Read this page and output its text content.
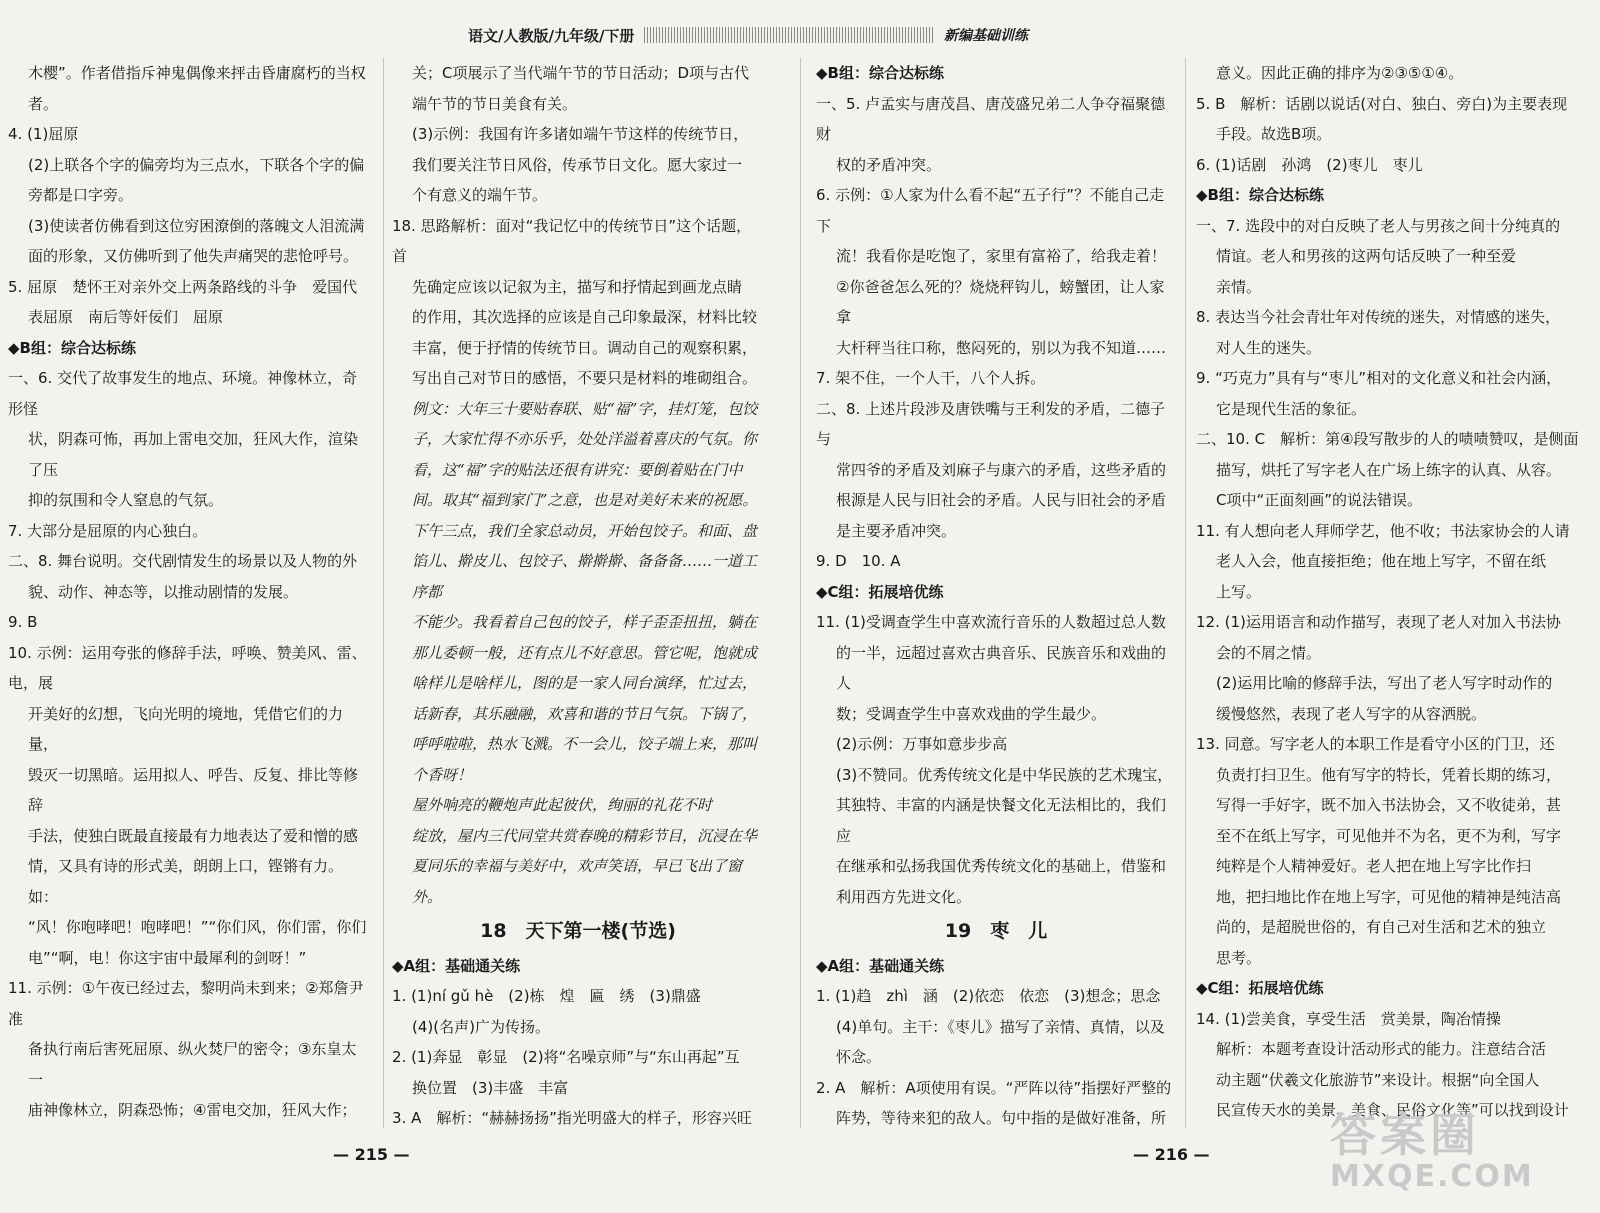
语文/人教版/九年级/下册	新编基础训练

木樱”。作者借指斥神鬼偶像来抨击昏庸腐朽的当权者。

4. (1)屈原

(2)上联各个字的偏旁均为三点水，下联各个字的偏

旁都是口字旁。

(3)使读者仿佛看到这位穷困潦倒的落魄文人泪流满

面的形象，又仿佛听到了他失声痛哭的悲怆呼号。

5. 屈原　楚怀王对亲外交上两条路线的斗争　爱国代

表屈原　南后等奸佞们　屈原

◆B组：综合达标练

一、6. 交代了故事发生的地点、环境。神像林立，奇形怪

状，阴森可怖，再加上雷电交加，狂风大作，渲染了压

抑的氛围和令人窒息的气氛。

7. 大部分是屈原的内心独白。

二、8. 舞台说明。交代剧情发生的场景以及人物的外

貌、动作、神态等，以推动剧情的发展。

9. B

10. 示例：运用夸张的修辞手法，呼唤、赞美风、雷、电，展

开美好的幻想，飞向光明的境地，凭借它们的力量，

毁灭一切黑暗。运用拟人、呼告、反复、排比等修辞

手法，使独白既最直接最有力地表达了爱和憎的感

情，又具有诗的形式美，朗朗上口，铿锵有力。如：

“风！你咆哮吧！咆哮吧！”“你们风，你们雷，你们

电”“啊，电！你这宇宙中最犀利的剑呀！”

11. 示例：①午夜已经过去，黎明尚未到来；②郑詹尹准

备执行南后害死屈原、纵火焚尸的密令；③东皇太一

庙神像林立，阴森恐怖；④雷电交加，狂风大作；

关；C项展示了当代端午节的节日活动；D项与古代

端午节的节日美食有关。

(3)示例：我国有许多诸如端午节这样的传统节日，

我们要关注节日风俗，传承节日文化。愿大家过一

个有意义的端午节。

18. 思路解析：面对“我记忆中的传统节日”这个话题，首

先确定应该以记叙为主，描写和抒情起到画龙点睛

的作用，其次选择的应该是自己印象最深，材料比较

丰富，便于抒情的传统节日。调动自己的观察积累，

写出自己对节日的感悟，不要只是材料的堆砌组合。

例文：大年三十要贴春联、贴“福”字，挂灯笼，包饺

子，大家忙得不亦乐乎，处处洋溢着喜庆的气氛。你

看，这“福”字的贴法还很有讲究：要倒着贴在门中

间。取其“福到家门”之意，也是对美好未来的祝愿。

下午三点，我们全家总动员，开始包饺子。和面、盘

馅儿、擀皮儿、包饺子、擀擀擀、备备备……一道工序都

不能少。我看着自己包的饺子，样子歪歪扭扭，躺在

那儿委顿一般，还有点儿不好意思。管它呢，饱就成

啥样儿是啥样儿，图的是一家人同台演绎，忙过去，

话新春，其乐融融，欢喜和谐的节日气氛。下锅了，

呼呼啦啦，热水飞溅。不一会儿，饺子端上来，那叫

个香呀！

屋外响亮的鞭炮声此起彼伏，绚丽的礼花不时

绽放，屋内三代同堂共赏春晚的精彩节目，沉浸在华

夏同乐的幸福与美好中，欢声笑语，早已飞出了窗外。

18　天下第一楼(节选)

◆A组：基础通关练

1. (1)ní gǔ hè　(2)栋　煌　匾　绣　(3)鼎盛

(4)(名声)广为传扬。

2. (1)奔显　彰显　(2)将“名噪京师”与“东山再起”互

换位置　(3)丰盛　丰富

3. A　解析：“赫赫扬扬”指光明盛大的样子，形容兴旺

◆B组：综合达标练

一、5. 卢孟实与唐茂昌、唐茂盛兄弟二人争夺福聚德财

权的矛盾冲突。

6. 示例：①人家为什么看不起“五子行”？不能自己走下

流！我看你是吃饱了，家里有富裕了，给我走着！

②你爸爸怎么死的？烧烧秤钩儿，螃蟹团，让人家拿

大杆秤当往口称，憋闷死的，别以为我不知道……

7. 架不住，一个人干，八个人拆。

二、8. 上述片段涉及唐铁嘴与王利发的矛盾，二德子与

常四爷的矛盾及刘麻子与康六的矛盾，这些矛盾的

根源是人民与旧社会的矛盾。人民与旧社会的矛盾

是主要矛盾冲突。

9. D　10. A

◆C组：拓展培优练

11. (1)受调查学生中喜欢流行音乐的人数超过总人数

的一半，远超过喜欢古典音乐、民族音乐和戏曲的人

数；受调查学生中喜欢戏曲的学生最少。

(2)示例：万事如意步步高

(3)不赞同。优秀传统文化是中华民族的艺术瑰宝，

其独特、丰富的内涵是快餐文化无法相比的，我们应

在继承和弘扬我国优秀传统文化的基础上，借鉴和

利用西方先进文化。

19　枣　儿

◆A组：基础通关练

1. (1)趋　zhì　涵　(2)依恋　依恋　(3)想念；思念

(4)单句。主干：《枣儿》描写了亲情、真情，以及怀念。

2. A　解析：A项使用有误。“严阵以待”指摆好严整的

阵势，等待来犯的敌人。句中指的是做好准备，所

意义。因此正确的排序为②③⑤①④。

5. B　解析：话剧以说话(对白、独白、旁白)为主要表现

手段。故选B项。

6. (1)话剧　孙鸿　(2)枣儿　枣儿

◆B组：综合达标练

一、7. 选段中的对白反映了老人与男孩之间十分纯真的

情谊。老人和男孩的这两句话反映了一种至爱

亲情。

8. 表达当今社会青壮年对传统的迷失，对情感的迷失，

对人生的迷失。

9. “巧克力”具有与“枣儿”相对的文化意义和社会内涵，

它是现代生活的象征。

二、10. C　解析：第④段写散步的人的啧啧赞叹，是侧面

描写，烘托了写字老人在广场上练字的认真、从容。

C项中“正面刻画”的说法错误。

11. 有人想向老人拜师学艺，他不收；书法家协会的人请

老人入会，他直接拒绝；他在地上写字，不留在纸

上写。

12. (1)运用语言和动作描写，表现了老人对加入书法协

会的不屑之情。

(2)运用比喻的修辞手法，写出了老人写字时动作的

缓慢悠然，表现了老人写字的从容洒脱。

13. 同意。写字老人的本职工作是看守小区的门卫，还

负责打扫卫生。他有写字的特长，凭着长期的练习，

写得一手好字，既不加入书法协会，又不收徒弟，甚

至不在纸上写字，可见他并不为名，更不为利，写字

纯粹是个人精神爱好。老人把在地上写字比作扫

地，把扫地比作在地上写字，可见他的精神是纯洁高

尚的，是超脱世俗的，有自己对生活和艺术的独立

思考。

◆C组：拓展培优练

14. (1)尝美食，享受生活　赏美景，陶冶情操

解析：本题考查设计活动形式的能力。注意结合活

动主题“伏羲文化旅游节”来设计。根据“向全国人

民宣传天水的美景、美食、民俗文化等”可以找到设计

— 215 —	— 216 —	答案圈
MXQE.COM
